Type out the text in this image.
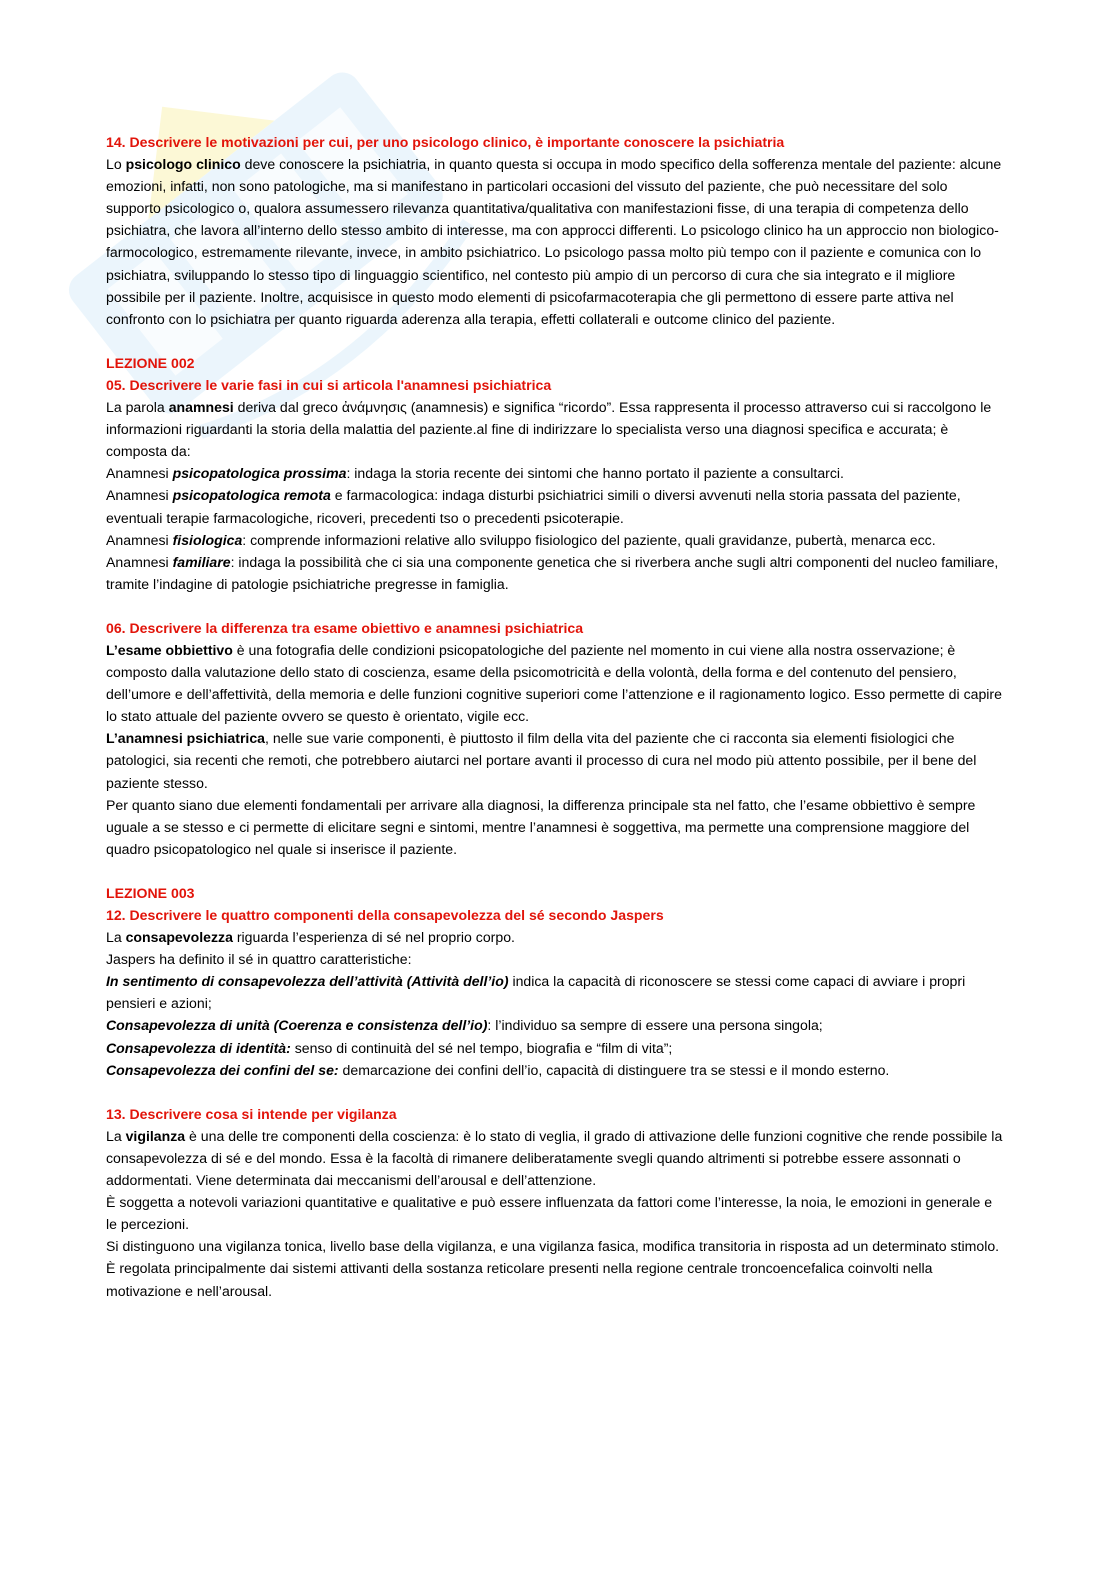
14. Descrivere le motivazioni per cui, per uno psicologo clinico, è importante conoscere la psichiatria

Lo psicologo clinico deve conoscere la psichiatria, in quanto questa si occupa in modo specifico della sofferenza mentale del paziente: alcune emozioni, infatti, non sono patologiche, ma si manifestano in particolari occasioni del vissuto del paziente, che può necessitare del solo supporto psicologico o, qualora assumessero rilevanza quantitativa/qualitativa con manifestazioni fisse, di una terapia di competenza dello psichiatra, che lavora all’interno dello stesso ambito di interesse, ma con approcci differenti. Lo psicologo clinico ha un approccio non biologico-farmocologico, estremamente rilevante, invece, in ambito psichiatrico. Lo psicologo passa molto più tempo con il paziente e comunica con lo psichiatra, sviluppando lo stesso tipo di linguaggio scientifico, nel contesto più ampio di un percorso di cura che sia integrato e il migliore possibile per il paziente. Inoltre, acquisisce in questo modo elementi di psicofarmacoterapia che gli permettono di essere parte attiva nel confronto con lo psichiatra per quanto riguarda aderenza alla terapia, effetti collaterali e outcome clinico del paziente.

LEZIONE 002

05. Descrivere le varie fasi in cui si articola l'anamnesi psichiatrica

La parola anamnesi deriva dal greco ἀνάμνησις (anamnesis) e significa “ricordo”. Essa rappresenta il processo attraverso cui si raccolgono le informazioni riguardanti la storia della malattia del paziente.al fine di indirizzare lo specialista verso una diagnosi specifica e accurata; è composta da:

Anamnesi psicopatologica prossima: indaga la storia recente dei sintomi che hanno portato il paziente a consultarci.

Anamnesi psicopatologica remota e farmacologica: indaga disturbi psichiatrici simili o diversi avvenuti nella storia passata del paziente, eventuali terapie farmacologiche, ricoveri, precedenti tso o precedenti psicoterapie.

Anamnesi fisiologica: comprende informazioni relative allo sviluppo fisiologico del paziente, quali gravidanze, pubertà, menarca ecc.

Anamnesi familiare: indaga la possibilità che ci sia una componente genetica che si riverbera anche sugli altri componenti del nucleo familiare, tramite l’indagine di patologie psichiatriche pregresse in famiglia.

06. Descrivere la differenza tra esame obiettivo e anamnesi psichiatrica

L’esame obbiettivo è una fotografia delle condizioni psicopatologiche del paziente nel momento in cui viene alla nostra osservazione; è composto dalla valutazione dello stato di coscienza, esame della psicomotricità e della volontà, della forma e del contenuto del pensiero, dell’umore e dell’affettività, della memoria e delle funzioni cognitive superiori come l’attenzione e il ragionamento logico. Esso permette di capire lo stato attuale del paziente ovvero se questo è orientato, vigile ecc.

L’anamnesi psichiatrica, nelle sue varie componenti, è piuttosto il film della vita del paziente che ci racconta sia elementi fisiologici che patologici, sia recenti che remoti, che potrebbero aiutarci nel portare avanti il processo di cura nel modo più attento possibile, per il bene del paziente stesso.

Per quanto siano due elementi fondamentali per arrivare alla diagnosi, la differenza principale sta nel fatto, che l’esame obbiettivo è sempre uguale a se stesso e ci permette di elicitare segni e sintomi, mentre l’anamnesi è soggettiva, ma permette una comprensione maggiore del quadro psicopatologico nel quale si inserisce il paziente.

LEZIONE 003

12. Descrivere le quattro componenti della consapevolezza del sé secondo Jaspers

La consapevolezza riguarda l’esperienza di sé nel proprio corpo.

Jaspers ha definito il sé in quattro caratteristiche:

In sentimento di consapevolezza dell’attività (Attività dell’io) indica la capacità di riconoscere se stessi come capaci di avviare i propri pensieri e azioni;

Consapevolezza di unità (Coerenza e consistenza dell’io): l’individuo sa sempre di essere una persona singola;

Consapevolezza di identità: senso di continuità del sé nel tempo, biografia e “film di vita”;

Consapevolezza dei confini del se: demarcazione dei confini dell’io, capacità di distinguere tra se stessi e il mondo esterno.

13. Descrivere cosa si intende per vigilanza

La vigilanza è una delle tre componenti della coscienza: è lo stato di veglia, il grado di attivazione delle funzioni cognitive che rende possibile la consapevolezza di sé e del mondo. Essa è la facoltà di rimanere deliberatamente svegli quando altrimenti si potrebbe essere assonnati o addormentati. Viene determinata dai meccanismi dell’arousal e dell’attenzione.

È soggetta a notevoli variazioni quantitative e qualitative e può essere influenzata da fattori come l’interesse, la noia, le emozioni in generale e le percezioni.

Si distinguono una vigilanza tonica, livello base della vigilanza, e una vigilanza fasica, modifica transitoria in risposta ad un determinato stimolo.

È regolata principalmente dai sistemi attivanti della sostanza reticolare presenti nella regione centrale troncoencefalica coinvolti nella motivazione e nell’arousal.
